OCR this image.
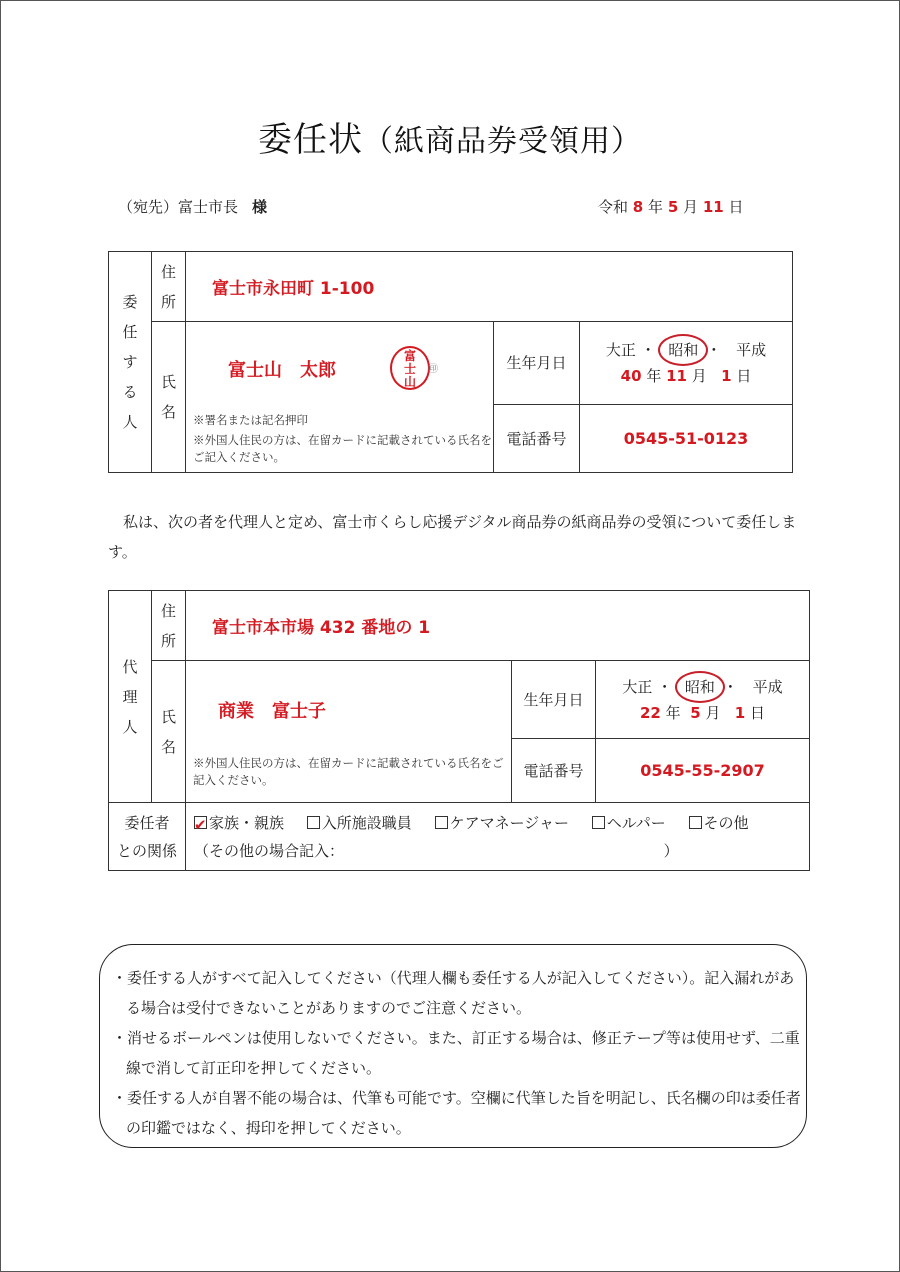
委任状（紙商品券受領用）
（宛先）富士市長 様	令和 8 年 5 月 11 日
委
任
す
る
人	住
所	富士市永田町 1-100		

氏
名

富士山　太郎
富
士
山
㊞
※署名または記名押印
※外国人住民の方は、在留カードに記載されている氏名をご記入ください。
	生年月日	
大正 ・ 昭和 ・ 平成
40 年 11 月 1 日

			電話番号	0545-51-0123
私は、次の者を代理人と定め、富士市くらし応援デジタル商品券の紙商品券の受領について委任します。
代
理
人	住
所	富士市本市場 432 番地の 1		

氏
名

商業　富士子
※外国人住民の方は、在留カードに記載されている氏名をご記入ください。
	生年月日	
大正 ・ 昭和 ・ 平成
22 年 5 月 1 日

			電話番号	0545-55-2907

委任者
との関係

✔家族・親族	入所施設職員	ケアマネージャー	ヘルパー	その他
（その他の場合記入：	）
・委任する人がすべて記入してください（代理人欄も委任する人が記入してください）。記入漏れがある場合は受付できないことがありますのでご注意ください。
・消せるボールペンは使用しないでください。また、訂正する場合は、修正テープ等は使用せず、二重線で消して訂正印を押してください。
・委任する人が自署不能の場合は、代筆も可能です。空欄に代筆した旨を明記し、氏名欄の印は委任者の印鑑ではなく、拇印を押してください。
